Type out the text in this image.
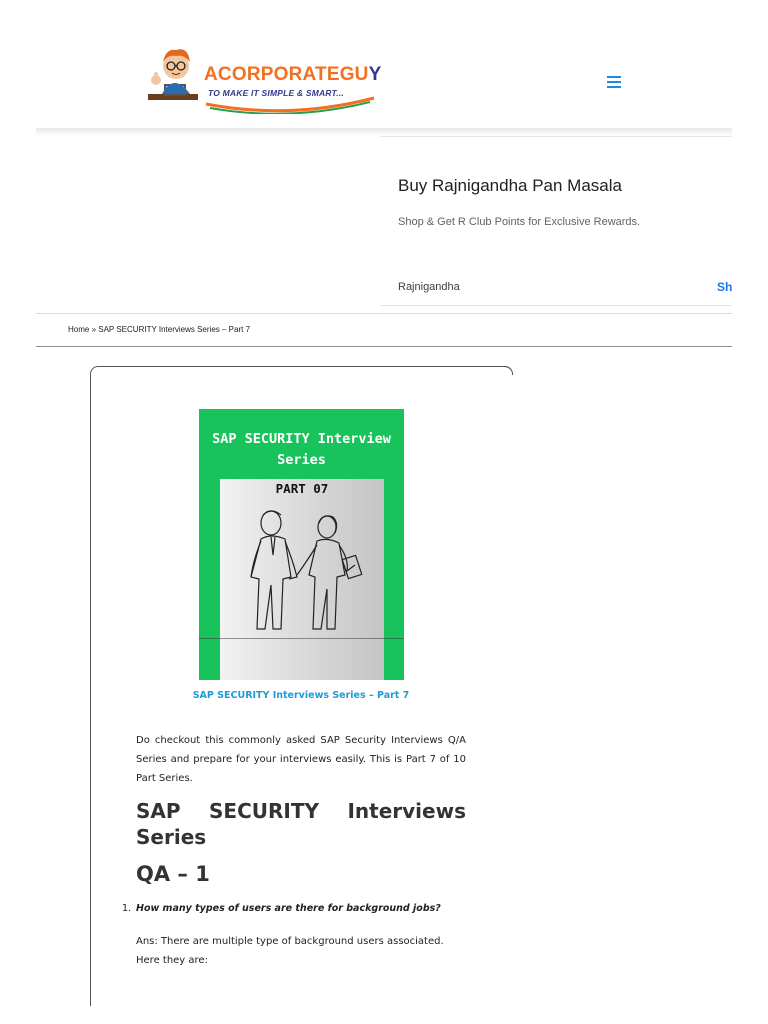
ACORPORATEGUY
TO MAKE IT SIMPLE & SMART...
Buy Rajnigandha Pan Masala
Shop & Get R Club Points for Exclusive Rewards.
Rajnigandha	Sh
Home » SAP SECURITY Interviews Series – Part 7
SAP SECURITY Interview
Series
PART 07
SAP SECURITY Interviews Series – Part 7
Do checkout this commonly asked SAP Security Interviews Q/A Series and prepare for your interviews easily. This is Part 7 of 10 Part Series.
SAP SECURITY Interviews
Series
QA – 1
1. How many types of users are there for background jobs?
Ans: There are multiple type of background users associated.
Here they are:
